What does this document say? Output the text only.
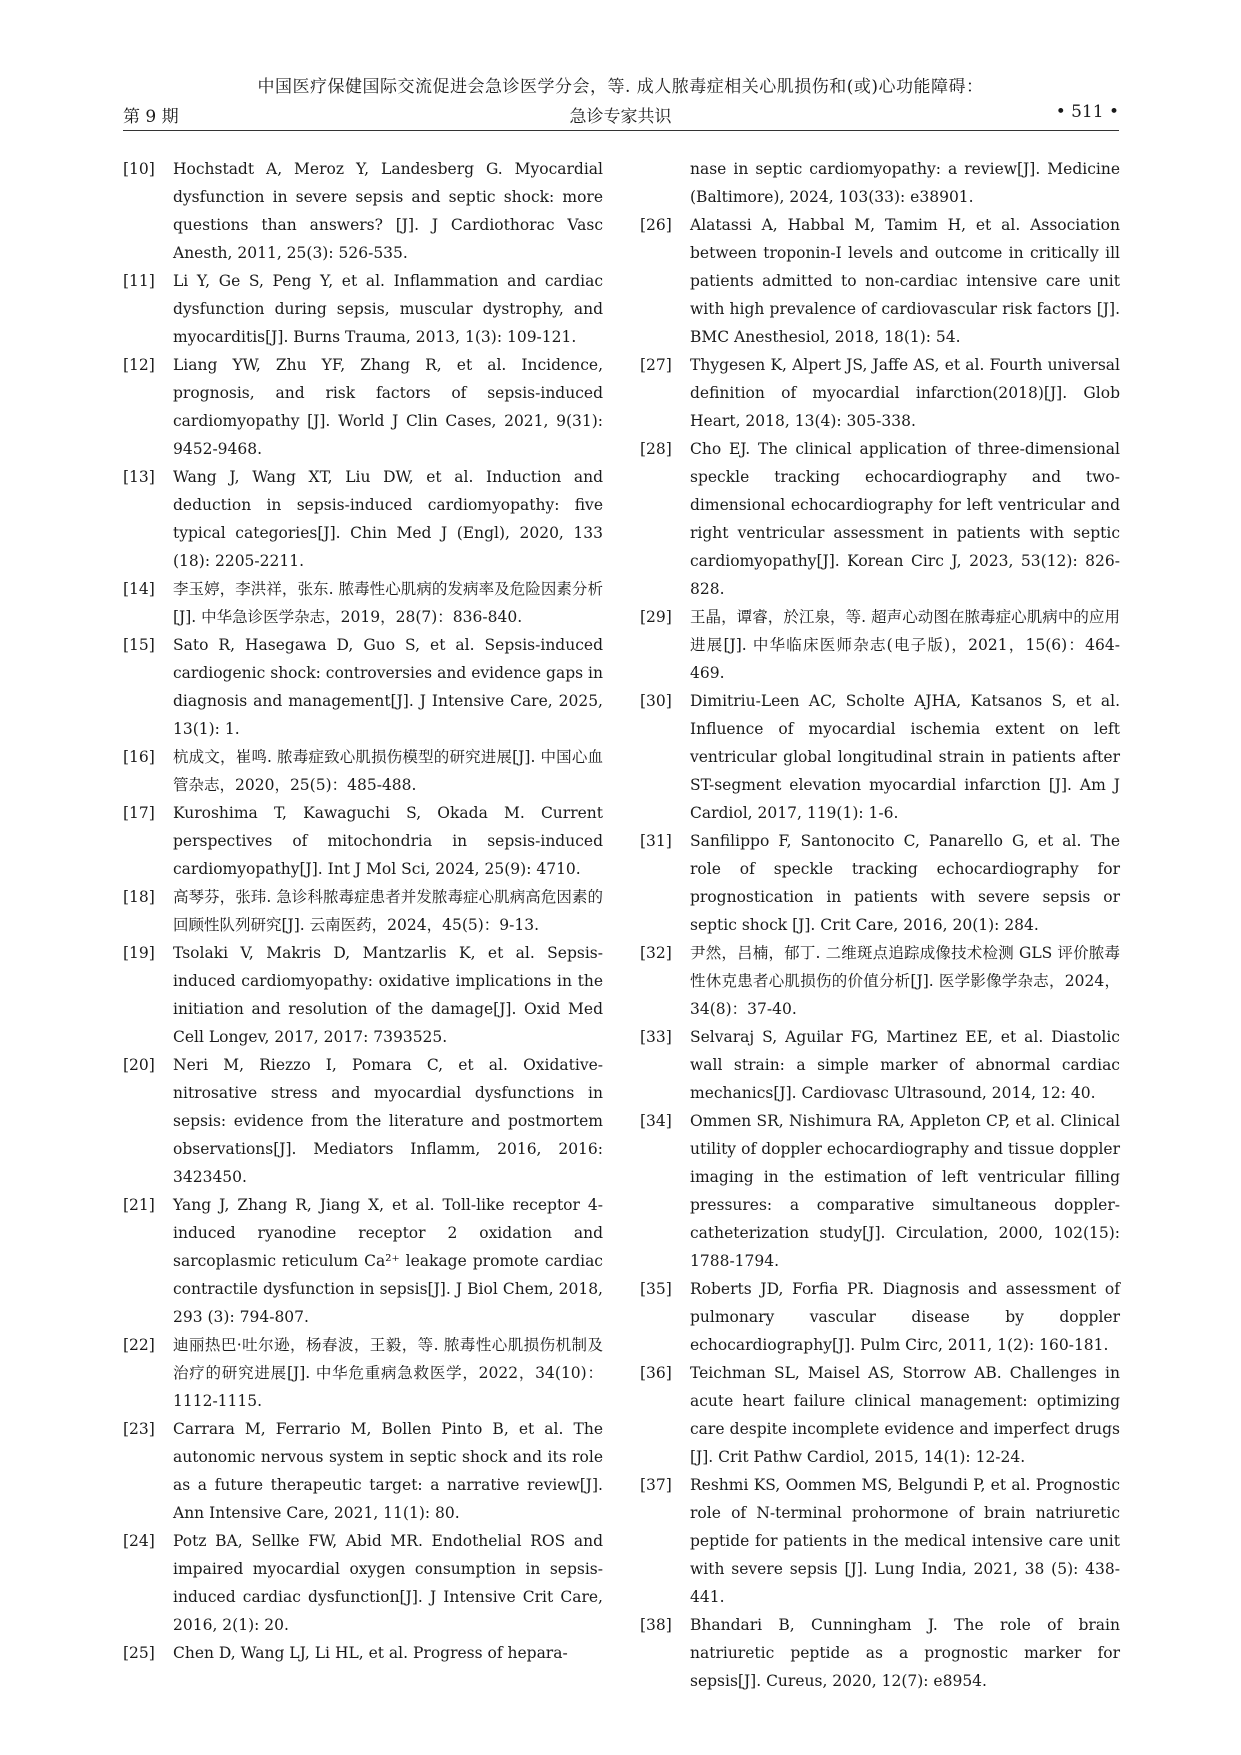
中国医疗保健国际交流促进会急诊医学分会，等. 成人脓毒症相关心肌损伤和(或)心功能障碍：
第 9 期	急诊专家共识	• 511 •
[10]	Hochstadt A, Meroz Y, Landesberg G. Myocardial dysfunction in severe sepsis and septic shock: more questions than answers? [J]. J Cardiothorac Vasc Anesth, 2011, 25(3): 526-535.
[11]	Li Y, Ge S, Peng Y, et al. Inflammation and cardiac dysfunction during sepsis, muscular dystrophy, and myocarditis[J]. Burns Trauma, 2013, 1(3): 109-121.
[12]	Liang YW, Zhu YF, Zhang R, et al. Incidence, prognosis, and risk factors of sepsis-induced cardiomyopathy [J]. World J Clin Cases, 2021, 9(31): 9452-9468.
[13]	Wang J, Wang XT, Liu DW, et al. Induction and deduction in sepsis-induced cardiomyopathy: five typical categories[J]. Chin Med J (Engl), 2020, 133 (18): 2205-2211.
[14]	李玉婷，李洪祥，张东. 脓毒性心肌病的发病率及危险因素分析[J]. 中华急诊医学杂志，2019，28(7)：836-840.
[15]	Sato R, Hasegawa D, Guo S, et al. Sepsis-induced cardiogenic shock: controversies and evidence gaps in diagnosis and management[J]. J Intensive Care, 2025, 13(1): 1.
[16]	杭成文，崔鸣. 脓毒症致心肌损伤模型的研究进展[J]. 中国心血管杂志，2020，25(5)：485-488.
[17]	Kuroshima T, Kawaguchi S, Okada M. Current perspectives of mitochondria in sepsis-induced cardiomyopathy[J]. Int J Mol Sci, 2024, 25(9): 4710.
[18]	高琴芬，张玮. 急诊科脓毒症患者并发脓毒症心肌病高危因素的回顾性队列研究[J]. 云南医药，2024，45(5)：9-13.
[19]	Tsolaki V, Makris D, Mantzarlis K, et al. Sepsis-induced cardiomyopathy: oxidative implications in the initiation and resolution of the damage[J]. Oxid Med Cell Longev, 2017, 2017: 7393525.
[20]	Neri M, Riezzo I, Pomara C, et al. Oxidative-nitrosative stress and myocardial dysfunctions in sepsis: evidence from the literature and postmortem observations[J]. Mediators Inflamm, 2016, 2016: 3423450.
[21]	Yang J, Zhang R, Jiang X, et al. Toll-like receptor 4-induced ryanodine receptor 2 oxidation and sarcoplasmic reticulum Ca²⁺ leakage promote cardiac contractile dysfunction in sepsis[J]. J Biol Chem, 2018, 293 (3): 794-807.
[22]	迪丽热巴·吐尔逊，杨春波，王毅，等. 脓毒性心肌损伤机制及治疗的研究进展[J]. 中华危重病急救医学，2022，34(10)：1112-1115.
[23]	Carrara M, Ferrario M, Bollen Pinto B, et al. The autonomic nervous system in septic shock and its role as a future therapeutic target: a narrative review[J]. Ann Intensive Care, 2021, 11(1): 80.
[24]	Potz BA, Sellke FW, Abid MR. Endothelial ROS and impaired myocardial oxygen consumption in sepsis-induced cardiac dysfunction[J]. J Intensive Crit Care, 2016, 2(1): 20.
[25]	Chen D, Wang LJ, Li HL, et al. Progress of hepara-
nase in septic cardiomyopathy: a review[J]. Medicine (Baltimore), 2024, 103(33): e38901.
[26]	Alatassi A, Habbal M, Tamim H, et al. Association between troponin-I levels and outcome in critically ill patients admitted to non-cardiac intensive care unit with high prevalence of cardiovascular risk factors [J]. BMC Anesthesiol, 2018, 18(1): 54.
[27]	Thygesen K, Alpert JS, Jaffe AS, et al. Fourth universal definition of myocardial infarction(2018)[J]. Glob Heart, 2018, 13(4): 305-338.
[28]	Cho EJ. The clinical application of three-dimensional speckle tracking echocardiography and two-dimensional echocardiography for left ventricular and right ventricular assessment in patients with septic cardiomyopathy[J]. Korean Circ J, 2023, 53(12): 826-828.
[29]	王晶，谭睿，於江泉，等. 超声心动图在脓毒症心肌病中的应用进展[J]. 中华临床医师杂志(电子版)，2021，15(6)：464-469.
[30]	Dimitriu-Leen AC, Scholte AJHA, Katsanos S, et al. Influence of myocardial ischemia extent on left ventricular global longitudinal strain in patients after ST-segment elevation myocardial infarction [J]. Am J Cardiol, 2017, 119(1): 1-6.
[31]	Sanfilippo F, Santonocito C, Panarello G, et al. The role of speckle tracking echocardiography for prognostication in patients with severe sepsis or septic shock [J]. Crit Care, 2016, 20(1): 284.
[32]	尹然，吕楠，郁丁. 二维斑点追踪成像技术检测 GLS 评价脓毒性休克患者心肌损伤的价值分析[J]. 医学影像学杂志，2024，34(8)：37-40.
[33]	Selvaraj S, Aguilar FG, Martinez EE, et al. Diastolic wall strain: a simple marker of abnormal cardiac mechanics[J]. Cardiovasc Ultrasound, 2014, 12: 40.
[34]	Ommen SR, Nishimura RA, Appleton CP, et al. Clinical utility of doppler echocardiography and tissue doppler imaging in the estimation of left ventricular filling pressures: a comparative simultaneous doppler-catheterization study[J]. Circulation, 2000, 102(15): 1788-1794.
[35]	Roberts JD, Forfia PR. Diagnosis and assessment of pulmonary vascular disease by doppler echocardiography[J]. Pulm Circ, 2011, 1(2): 160-181.
[36]	Teichman SL, Maisel AS, Storrow AB. Challenges in acute heart failure clinical management: optimizing care despite incomplete evidence and imperfect drugs [J]. Crit Pathw Cardiol, 2015, 14(1): 12-24.
[37]	Reshmi KS, Oommen MS, Belgundi P, et al. Prognostic role of N-terminal prohormone of brain natriuretic peptide for patients in the medical intensive care unit with severe sepsis [J]. Lung India, 2021, 38 (5): 438-441.
[38]	Bhandari B, Cunningham J. The role of brain natriuretic peptide as a prognostic marker for sepsis[J]. Cureus, 2020, 12(7): e8954.
